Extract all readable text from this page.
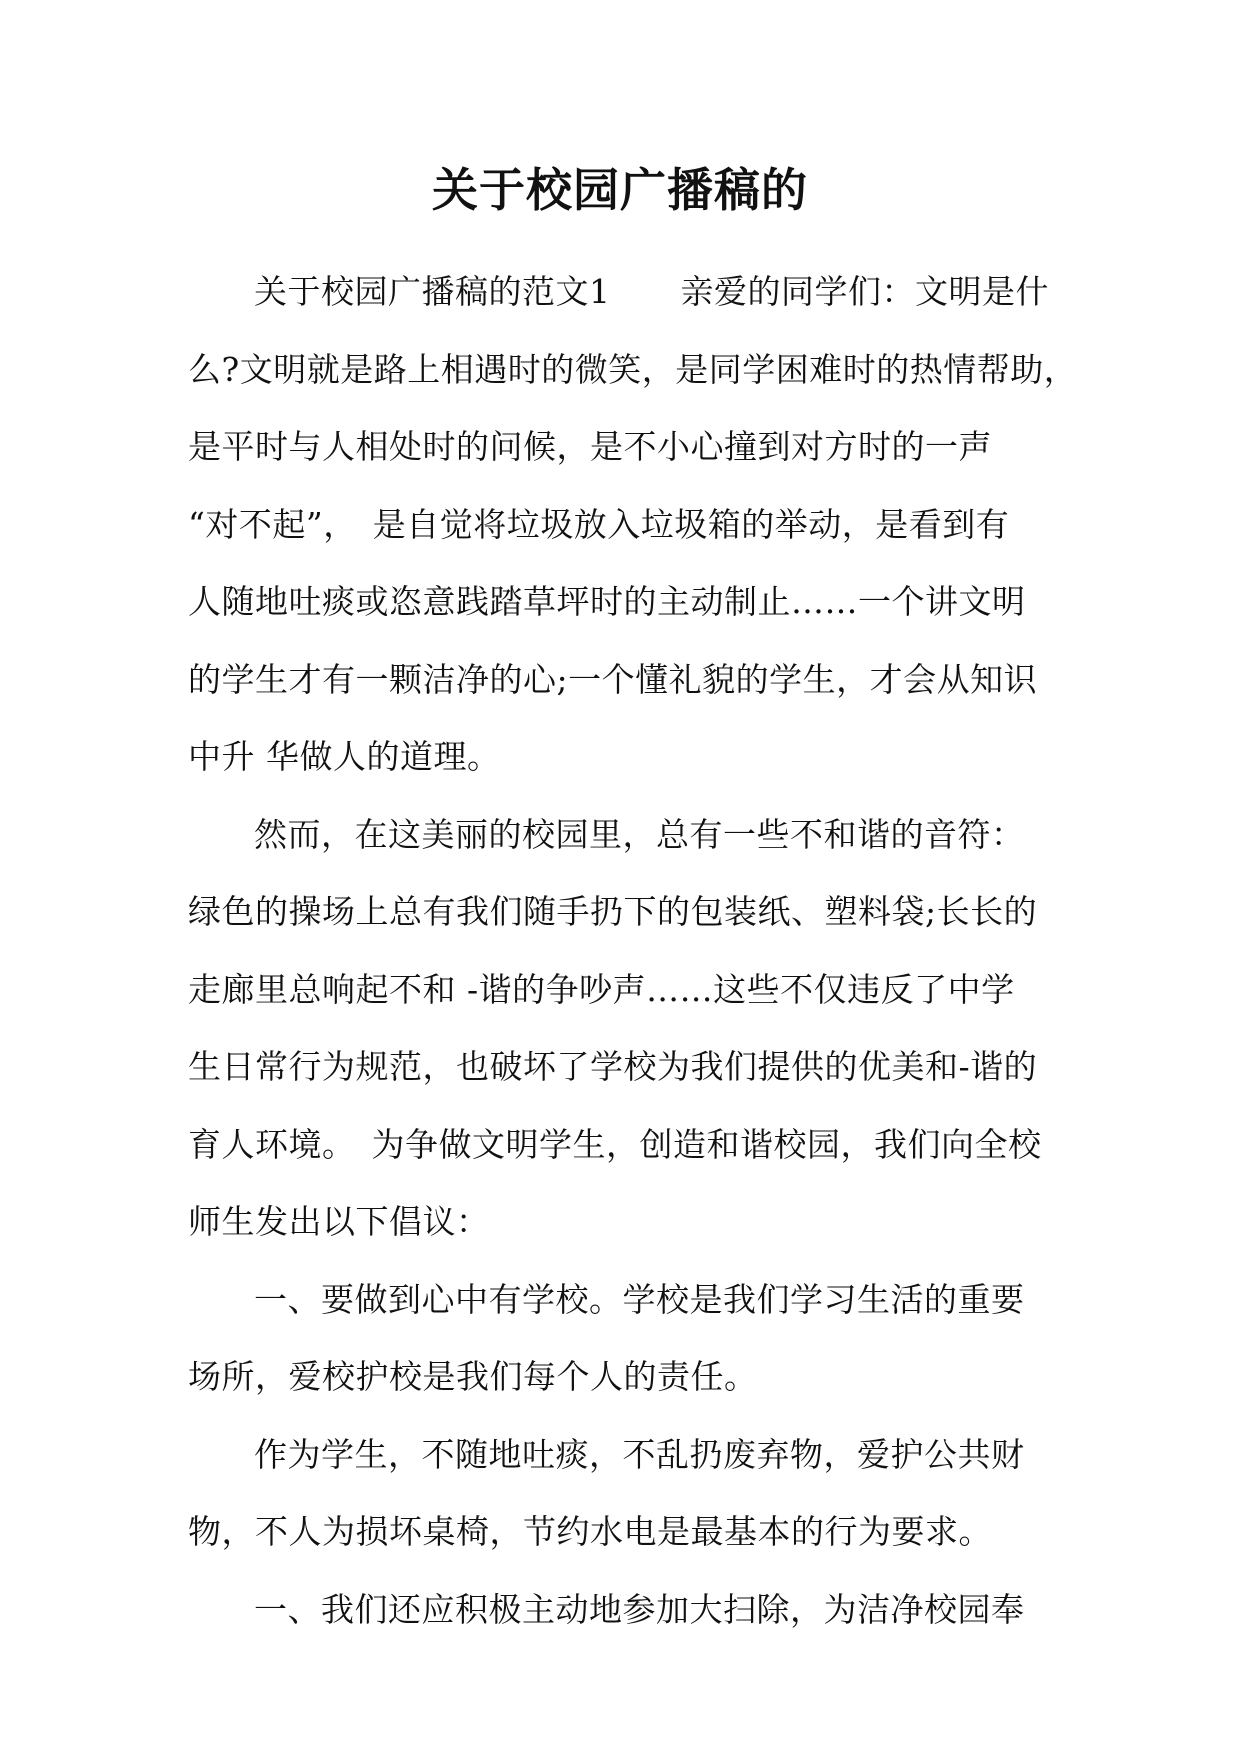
关于校园广播稿的
关于校园广播稿的范文1 亲爱的同学们：文明是什
么?文明就是路上相遇时的微笑，是同学困难时的热情帮助，
是平时与人相处时的问候，是不小心撞到对方时的一声
“对不起”， 是自觉将垃圾放入垃圾箱的举动，是看到有
人随地吐痰或恣意践踏草坪时的主动制止……一个讲文明
的学生才有一颗洁净的心;一个懂礼貌的学生，才会从知识
中升 华做人的道理。
然而，在这美丽的校园里，总有一些不和谐的音符：
绿色的操场上总有我们随手扔下的包装纸、塑料袋;长长的
走廊里总响起不和 -谐的争吵声……这些不仅违反了中学
生日常行为规范，也破坏了学校为我们提供的优美和-谐的
育人环境。 为争做文明学生，创造和谐校园，我们向全校
师生发出以下倡议：
一、要做到心中有学校。学校是我们学习生活的重要
场所，爱校护校是我们每个人的责任。
作为学生，不随地吐痰，不乱扔废弃物，爱护公共财
物，不人为损坏桌椅，节约水电是最基本的行为要求。
一、我们还应积极主动地参加大扫除，为洁净校园奉
